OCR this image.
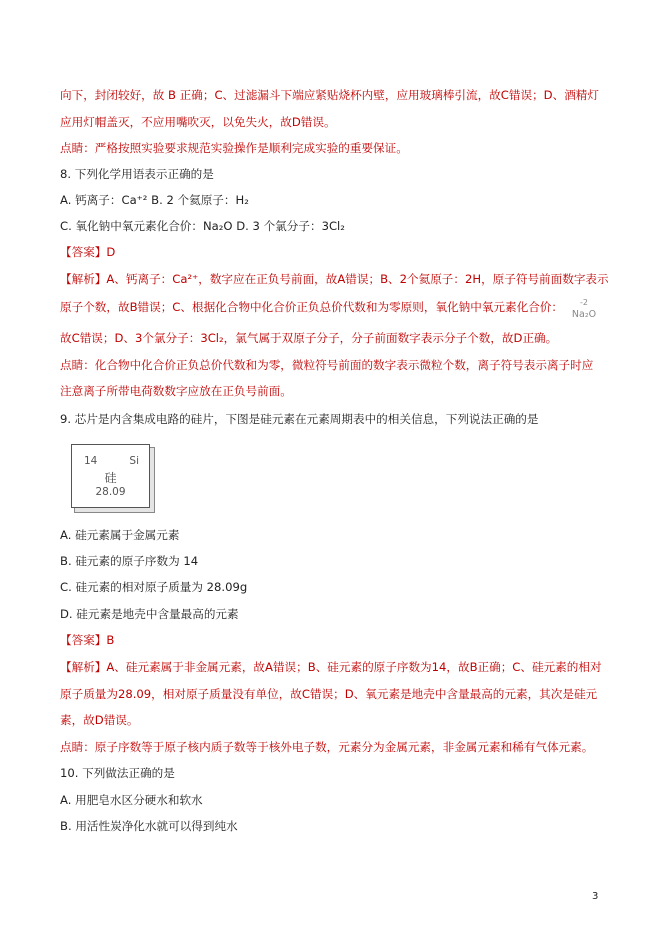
向下，封闭较好，故 B 正确；C、过滤漏斗下端应紧贴烧杯内壁，应用玻璃棒引流，故C错误；D、酒精灯
应用灯帽盖灭，不应用嘴吹灭，以免失火，故D错误。
点睛：严格按照实验要求规范实验操作是顺利完成实验的重要保证。
8. 下列化学用语表示正确的是
A. 钙离子：Ca⁺² B. 2 个氦原子：H₂
C. 氧化钠中氧元素化合价：Na₂O D. 3 个氯分子：3Cl₂
【答案】D
【解析】A、钙离子：Ca²⁺，数字应在正负号前面，故A错误；B、2个氦原子：2H，原子符号前面数字表示
原子个数，故B错误；C、根据化合物中化合价正负总价代数和为零原则，氧化钠中氧元素化合价：	-2
Na₂O
故C错误；D、3个氯分子：3Cl₂，氯气属于双原子分子，分子前面数字表示分子个数，故D正确。
点睛：化合物中化合价正负总价代数和为零，微粒符号前面的数字表示微粒个数，离子符号表示离子时应
注意离子所带电荷数数字应放在正负号前面。
9. 芯片是内含集成电路的硅片，下图是硅元素在元素周期表中的相关信息，下列说法正确的是
14	Si
硅
28.09
A. 硅元素属于金属元素
B. 硅元素的原子序数为 14
C. 硅元素的相对原子质量为 28.09g
D. 硅元素是地壳中含量最高的元素
【答案】B
【解析】A、硅元素属于非金属元素，故A错误；B、硅元素的原子序数为14，故B正确；C、硅元素的相对
原子质量为28.09，相对原子质量没有单位，故C错误；D、氧元素是地壳中含量最高的元素，其次是硅元
素，故D错误。
点睛：原子序数等于原子核内质子数等于核外电子数，元素分为金属元素，非金属元素和稀有气体元素。
10. 下列做法正确的是
A. 用肥皂水区分硬水和软水
B. 用活性炭净化水就可以得到纯水
3
